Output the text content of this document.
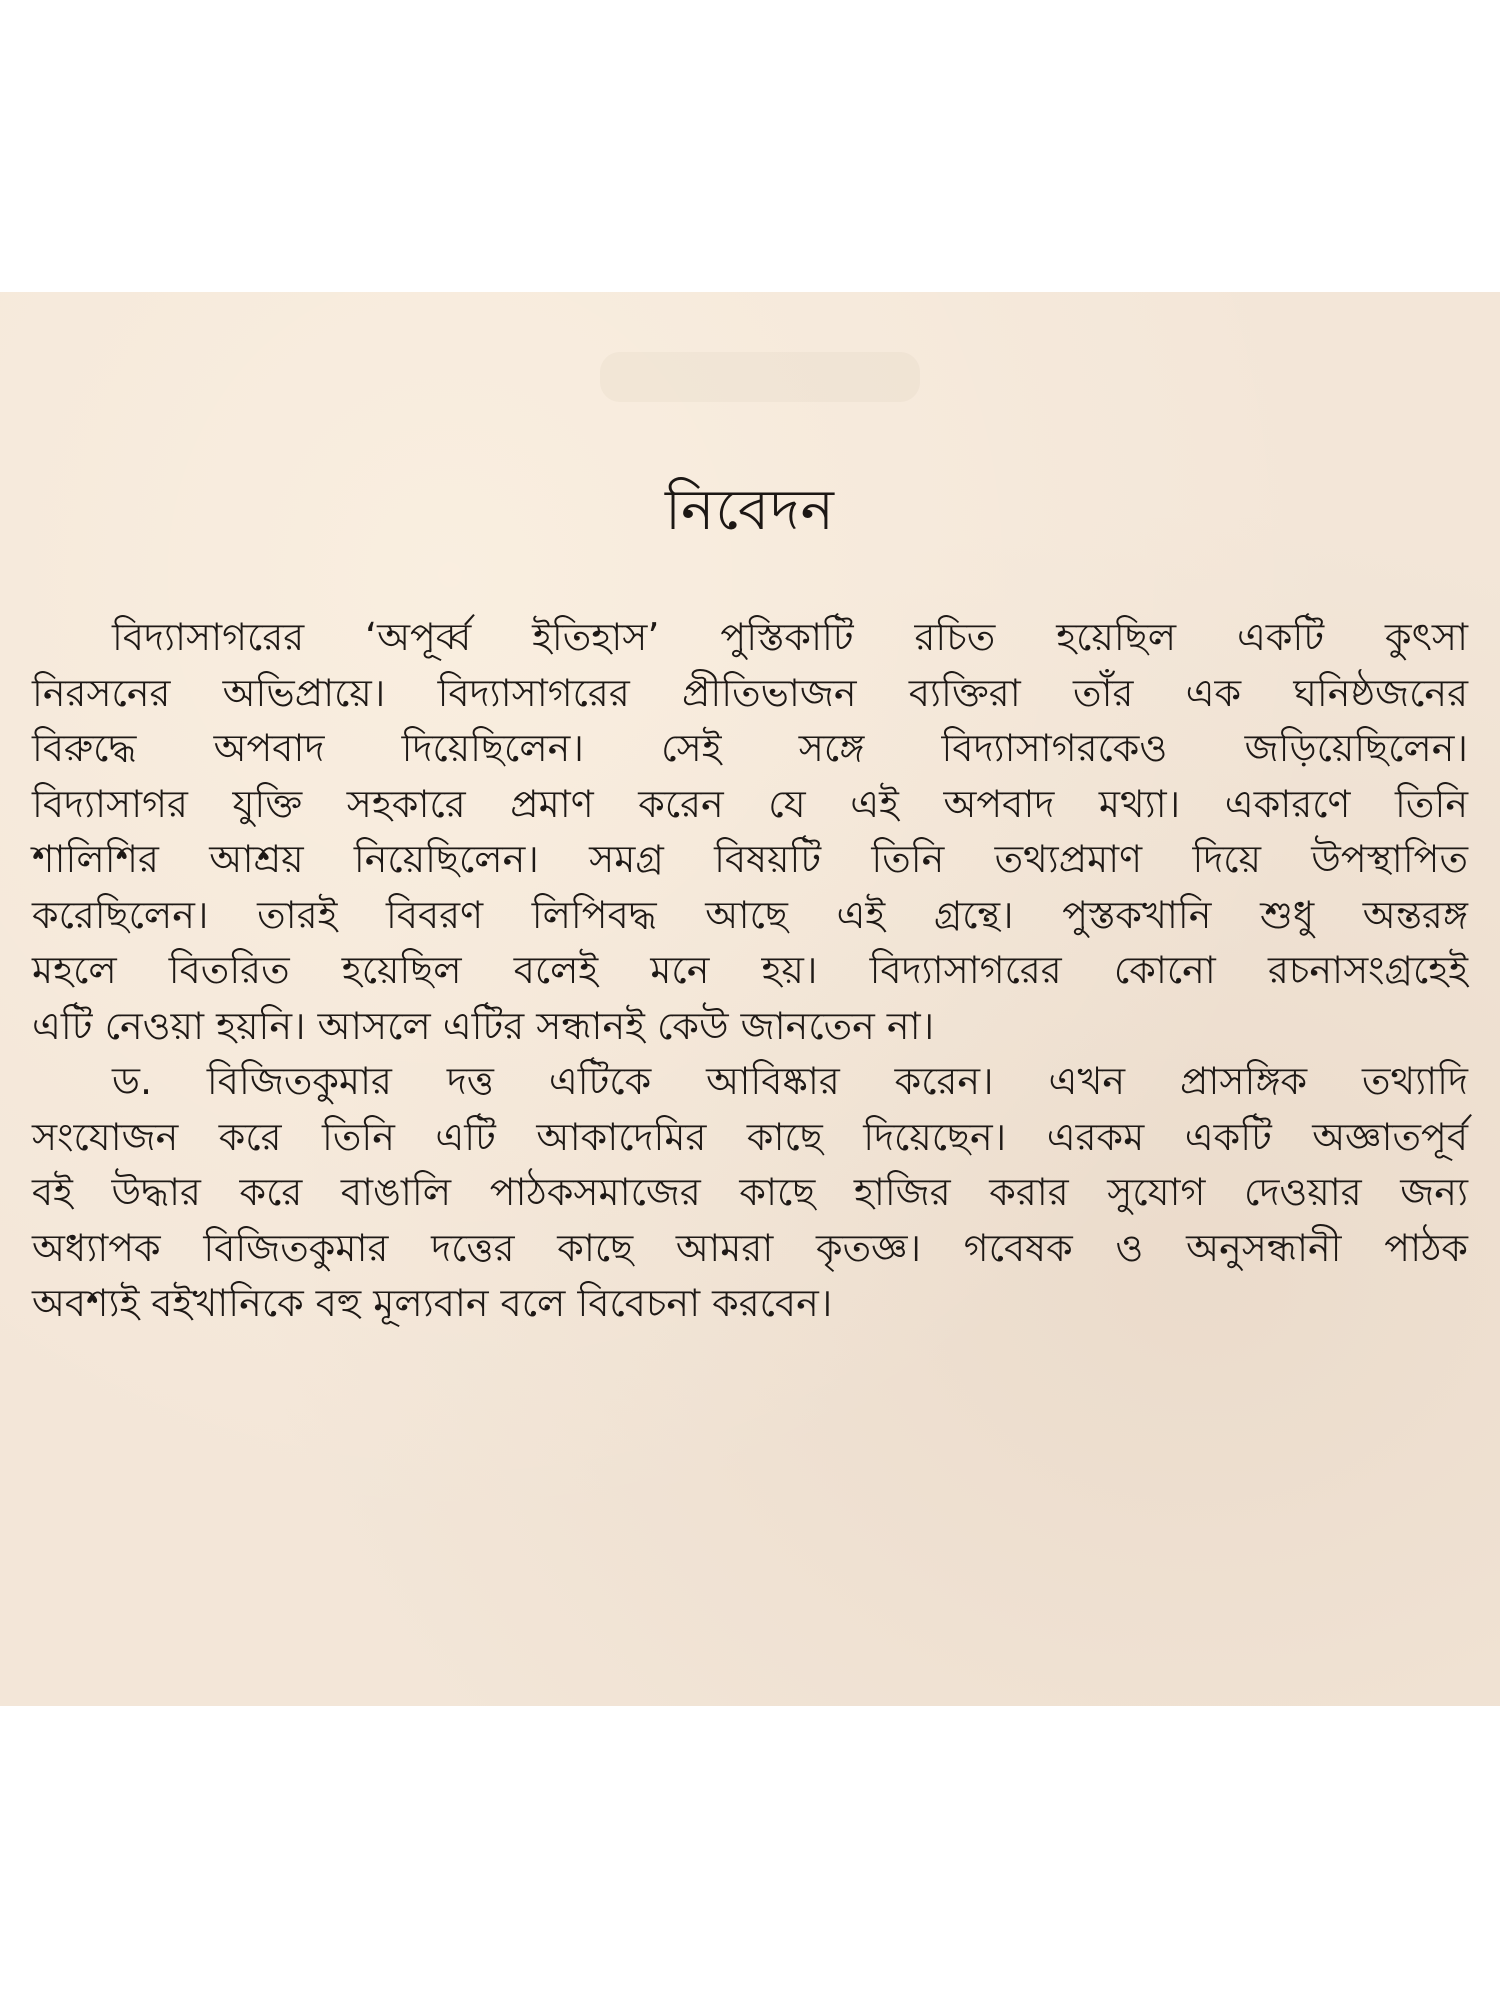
নিবেদন
বিদ্যাসাগরের ‘অপূর্ব্ব ইতিহাস’ পুস্তিকাটি রচিত হয়েছিল একটি কুৎসা
নিরসনের অভিপ্রায়ে। বিদ্যাসাগরের প্রীতিভাজন ব্যক্তিরা তাঁর এক ঘনিষ্ঠজনের
বিরুদ্ধে অপবাদ দিয়েছিলেন। সেই সঙ্গে বিদ্যাসাগরকেও জড়িয়েছিলেন।
বিদ্যাসাগর যুক্তি সহকারে প্রমাণ করেন যে এই অপবাদ মথ্যা। একারণে তিনি
শালিশির আশ্রয় নিয়েছিলেন। সমগ্র বিষয়টি তিনি তথ্যপ্রমাণ দিয়ে উপস্থাপিত
করেছিলেন। তারই বিবরণ লিপিবদ্ধ আছে এই গ্রন্থে। পুস্তকখানি শুধু অন্তরঙ্গ
মহলে বিতরিত হয়েছিল বলেই মনে হয়। বিদ্যাসাগরের কোনো রচনাসংগ্রহেই
এটি নেওয়া হয়নি। আসলে এটির সন্ধানই কেউ জানতেন না।
ড. বিজিতকুমার দত্ত এটিকে আবিষ্কার করেন। এখন প্রাসঙ্গিক তথ্যাদি
সংযোজন করে তিনি এটি আকাদেমির কাছে দিয়েছেন। এরকম একটি অজ্ঞাতপূর্ব
বই উদ্ধার করে বাঙালি পাঠকসমাজের কাছে হাজির করার সুযোগ দেওয়ার জন্য
অধ্যাপক বিজিতকুমার দত্তের কাছে আমরা কৃতজ্ঞ। গবেষক ও অনুসন্ধানী পাঠক
অবশ্যই বইখানিকে বহু মূল্যবান বলে বিবেচনা করবেন।
